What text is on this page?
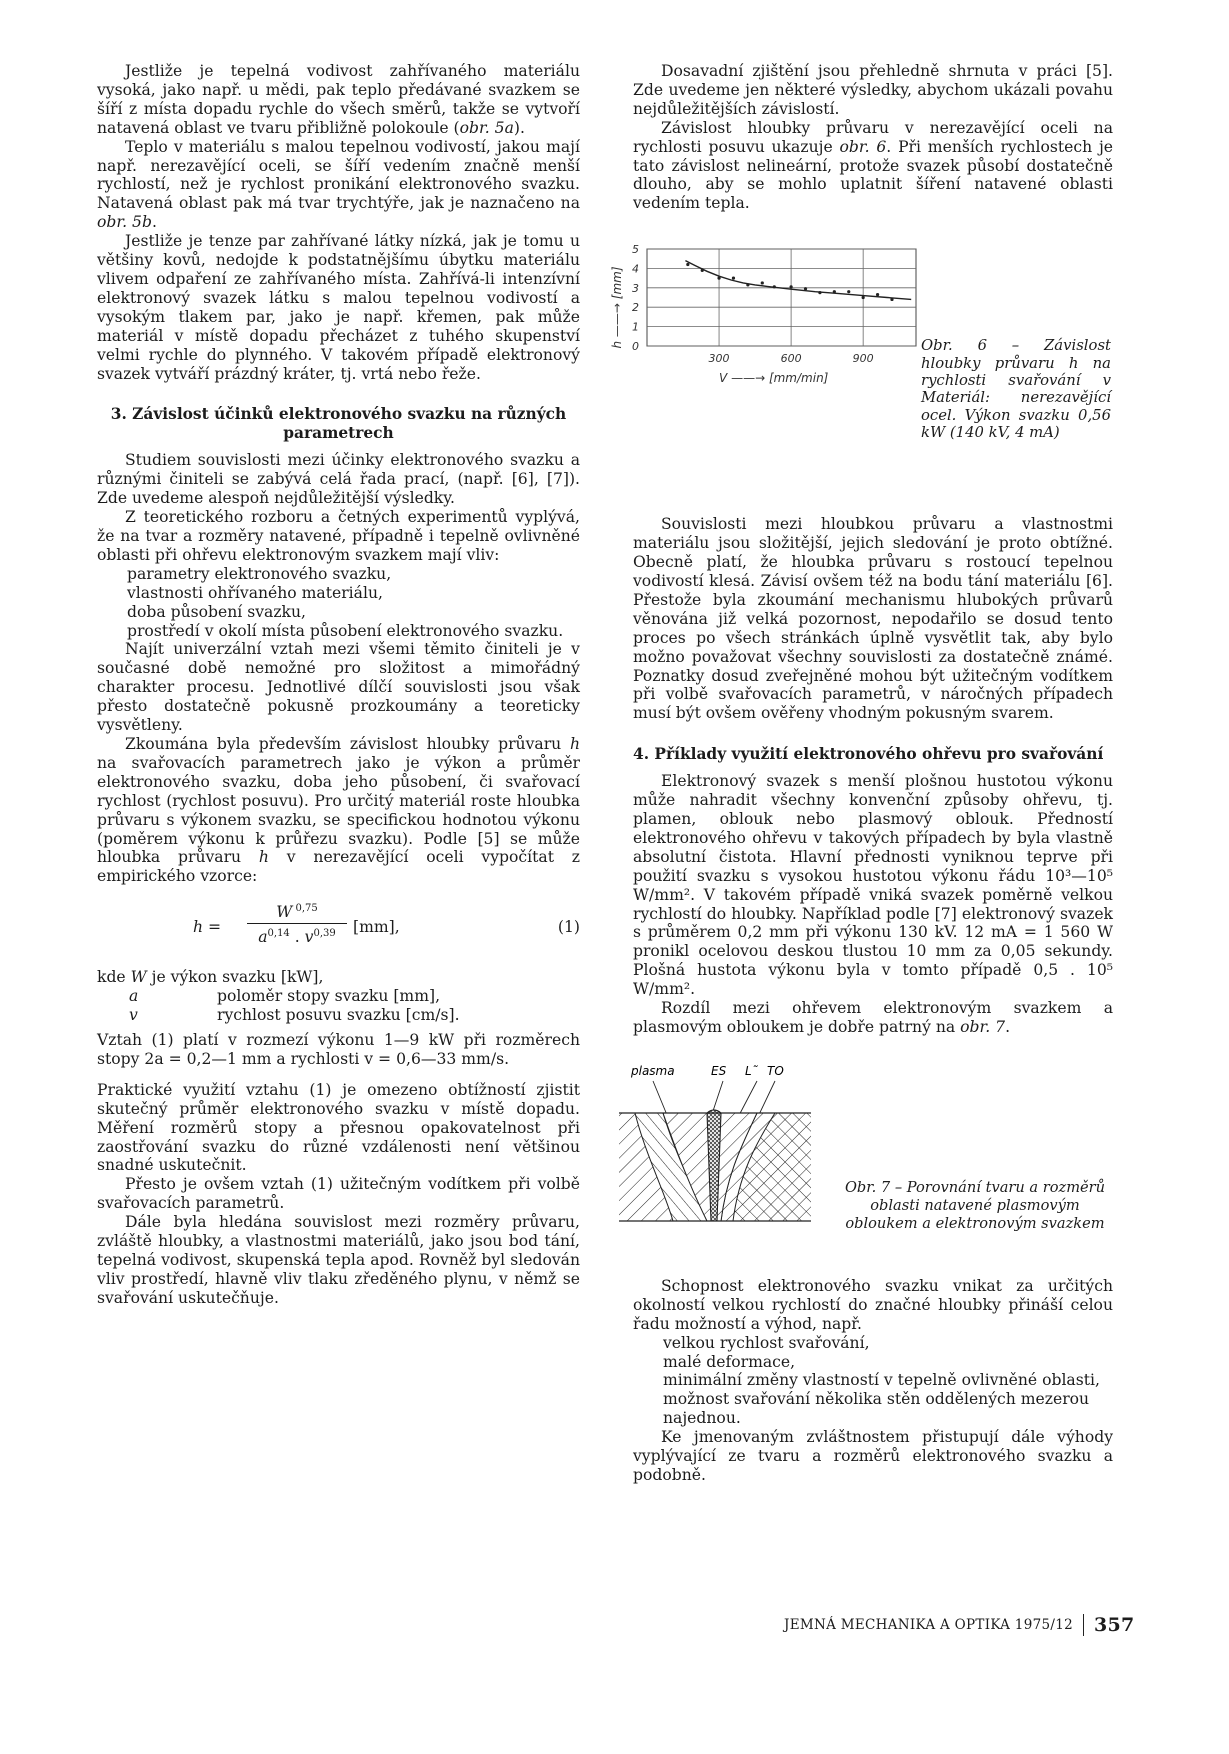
Jestliže je tepelná vodivost zahřívaného materiálu vysoká, jako např. u mědi, pak teplo předávané svazkem se šíří z místa dopadu rychle do všech směrů, takže se vytvoří natavená oblast ve tvaru přibližně polokoule (obr. 5a).

Teplo v materiálu s malou tepelnou vodivostí, jakou mají např. nerezavějící oceli, se šíří vedením značně menší rychlostí, než je rychlost pronikání elektronového svazku. Natavená oblast pak má tvar trychtýře, jak je naznačeno na obr. 5b.

Jestliže je tenze par zahřívané látky nízká, jak je tomu u většiny kovů, nedojde k podstatnějšímu úbytku materiálu vlivem odpaření ze zahřívaného místa. Zahřívá-li intenzívní elektronový svazek látku s malou tepelnou vodivostí a vysokým tlakem par, jako je např. křemen, pak může materiál v místě dopadu přecházet z tuhého skupenství velmi rychle do plynného. V takovém případě elektronový svazek vytváří prázdný kráter, tj. vrtá nebo řeže.

3. Závislost účinků elektronového svazku na různých parametrech

Studiem souvislosti mezi účinky elektronového svazku a různými činiteli se zabývá celá řada prací, (např. [6], [7]). Zde uvedeme alespoň nejdůležitější výsledky.

Z teoretického rozboru a četných experimentů vyplývá, že na tvar a rozměry natavené, případně i tepelně ovlivněné oblasti při ohřevu elektronovým svazkem mají vliv:

parametry elektronového svazku,
vlastnosti ohřívaného materiálu,
doba působení svazku,
prostředí v okolí místa působení elektronového svazku.

Najít univerzální vztah mezi všemi těmito činiteli je v současné době nemožné pro složitost a mimořádný charakter procesu. Jednotlivé dílčí souvislosti jsou však přesto dostatečně pokusně prozkoumány a teoreticky vysvětleny.

Zkoumána byla především závislost hloubky průvaru h na svařovacích parametrech jako je výkon a průměr elektronového svazku, doba jeho působení, či svařovací rychlost (rychlost posuvu). Pro určitý materiál roste hloubka průvaru s výkonem svazku, se specifickou hodnotou výkonu (poměrem výkonu k průřezu svazku). Podle [5] se může hloubka průvaru h v nerezavějící oceli vypočítat z empirického vzorce:

$h = \frac{W ^{0,75}}{a^{0,14} . v^{0,39}} [mm]$,	(1)
kde W je výkon svazku [kW],
a	poloměr stopy svazku [mm],
v	rychlost posuvu svazku [cm/s].

Vztah (1) platí v rozmezí výkonu 1—9 kW při rozměrech stopy 2a = 0,2—1 mm a rychlosti v = 0,6—33 mm/s.

Praktické využití vztahu (1) je omezeno obtížností zjistit skutečný průměr elektronového svazku v místě dopadu. Měření rozměrů stopy a přesnou opakovatelnost při zaostřování svazku do různé vzdálenosti není většinou snadné uskutečnit.

Přesto je ovšem vztah (1) užitečným vodítkem při volbě svařovacích parametrů.

Dále byla hledána souvislost mezi rozměry průvaru, zvláště hloubky, a vlastnostmi materiálů, jako jsou bod tání, tepelná vodivost, skupenská tepla apod. Rovněž byl sledován vliv prostředí, hlavně vliv tlaku zředěného plynu, v němž se svařování uskutečňuje.

Dosavadní zjištění jsou přehledně shrnuta v práci [5]. Zde uvedeme jen některé výsledky, abychom ukázali povahu nejdůležitějších závislostí.

Závislost hloubky průvaru v nerezavějící oceli na rychlosti posuvu ukazuje obr. 6. Při menších rychlostech je tato závislost nelineární, protože svazek působí dostatečně dlouho, aby se mohlo uplatnit šíření natavené oblasti vedením tepla.

0
1
2
3
4
5
300	600	900
V ——→ [mm/min]
h ——→ [mm]	Obr. 6 – Závislost hloubky průvaru h na rychlosti svařování v Materiál: nerezavějící ocel. Výkon svazku 0,56 kW (140 kV, 4 mA)

Souvislosti mezi hloubkou průvaru a vlastnostmi materiálu jsou složitější, jejich sledování je proto obtížné. Obecně platí, že hloubka průvaru s rostoucí tepelnou vodivostí klesá. Závisí ovšem též na bodu tání materiálu [6]. Přestože byla zkoumání mechanismu hlubokých průvarů věnována již velká pozornost, nepodařilo se dosud tento proces po všech stránkách úplně vysvětlit tak, aby bylo možno považovat všechny souvislosti za dostatečně známé. Poznatky dosud zveřejněné mohou být užitečným vodítkem při volbě svařovacích parametrů, v náročných případech musí být ovšem ověřeny vhodným pokusným svarem.

4. Příklady využití elektronového ohřevu pro svařování

Elektronový svazek s menší plošnou hustotou výkonu může nahradit všechny konvenční způsoby ohřevu, tj. plamen, oblouk nebo plasmový oblouk. Předností elektronového ohřevu v takových případech by byla vlastně absolutní čistota. Hlavní přednosti vyniknou teprve při použití svazku s vysokou hustotou výkonu řádu 10³—10⁵ W/mm². V takovém případě vniká svazek poměrně velkou rychlostí do hloubky. Například podle [7] elektronový svazek s průměrem 0,2 mm při výkonu 130 kV. 12 mA = 1 560 W pronikl ocelovou deskou tlustou 10 mm za 0,05 sekundy. Plošná hustota výkonu byla v tomto případě 0,5 . 10⁵ W/mm².

Rozdíl mezi ohřevem elektronovým svazkem a plasmovým obloukem je dobře patrný na obr. 7.

plasma	ES L˜ TO
Obr. 7 – Porovnání tvaru a rozměrů oblasti natavené plasmovým obloukem a elektronovým svazkem

Schopnost elektronového svazku vnikat za určitých okolností velkou rychlostí do značné hloubky přináší celou řadu možností a výhod, např.

velkou rychlost svařování,
malé deformace,
minimální změny vlastností v tepelně ovlivněné oblasti,
možnost svařování několika stěn oddělených mezerou najednou.

Ke jmenovaným zvláštnostem přistupují dále výhody vyplývající ze tvaru a rozměrů elektronového svazku a podobně.

JEMNÁ MECHANIKA A OPTIKA 1975/12 357
